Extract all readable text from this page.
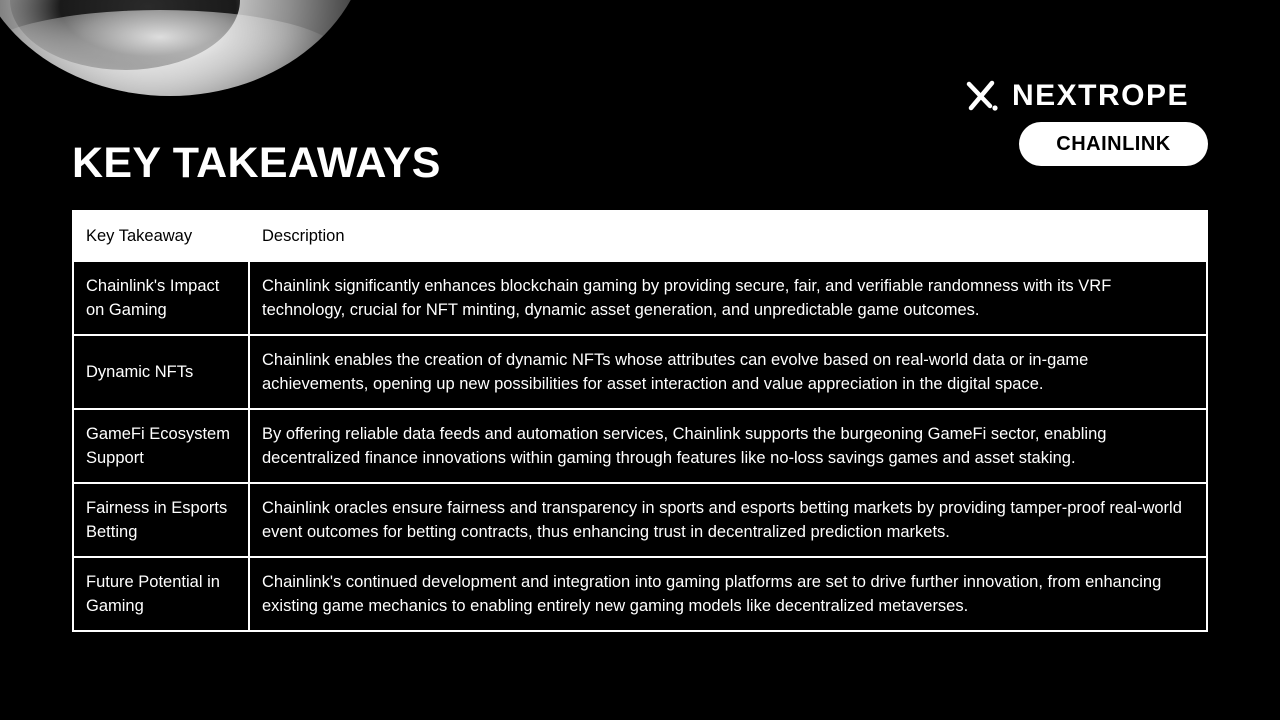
NEXTROPE
CHAINLINK
KEY TAKEAWAYS
Key Takeaway	Description
Chainlink's Impact on Gaming	Chainlink significantly enhances blockchain gaming by providing secure, fair, and verifiable randomness with its VRF technology, crucial for NFT minting, dynamic asset generation, and unpredictable game outcomes.
Dynamic NFTs	Chainlink enables the creation of dynamic NFTs whose attributes can evolve based on real-world data or in-game achievements, opening up new possibilities for asset interaction and value appreciation in the digital space.
GameFi Ecosystem Support	By offering reliable data feeds and automation services, Chainlink supports the burgeoning GameFi sector, enabling decentralized finance innovations within gaming through features like no-loss savings games and asset staking.
Fairness in Esports Betting	Chainlink oracles ensure fairness and transparency in sports and esports betting markets by providing tamper-proof real-world event outcomes for betting contracts, thus enhancing trust in decentralized prediction markets.
Future Potential in Gaming	Chainlink's continued development and integration into gaming platforms are set to drive further innovation, from enhancing existing game mechanics to enabling entirely new gaming models like decentralized metaverses.
